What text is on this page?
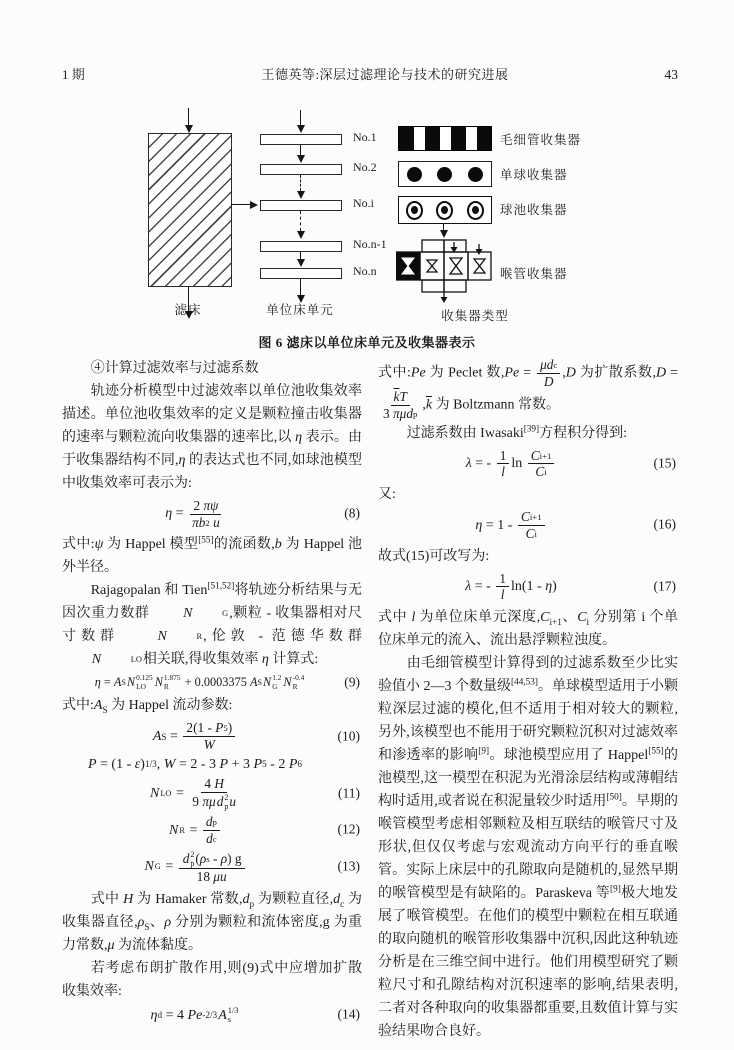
1 期	王德英等:深层过滤理论与技术的研究进展	43
滤床
No.1
No.2
No.i
No.n-1
No.n
单位床单元
毛细管收集器
单球收集器
球池收集器
喉管收集器
收集器类型
图 6 滤床以单位床单元及收集器表示
④计算过滤效率与过滤系数
轨迹分析模型中过滤效率以单位池收集效率描述。单位池收集效率的定义是颗粒撞击收集器的速率与颗粒流向收集器的速率比,以 η 表示。由于收集器结构不同,η 的表达式也不同,如球池模型中收集效率可表示为:
$\eta = \frac{2 \pi\psi}{\pi b 2 u}$	(8)
式中:ψ 为 Happel 模型[55]的流函数,b 为 Happel 池外半径。
Rajagopalan 和 Tien[51,52]将轨迹分析结果与无因次重力数群	N	G ,颗粒 - 收集器相对尺寸数群	N	R ,伦敦 - 范德华数群
N	LO 相关联,得收集效率 η 计算式:
η = A S N 0.125
LO N 1.875
R + 0.0003375 A S N 1.2
G N -0.4
R	(9)
式中$:A_S$ 为 Happel 流动参数:
A $S = \frac{2(1 - P 5 )}{W}$	(10)
P = (1 - ε ) 1/3 , W = 2 - 3 P + 3 P 5 - 2 P 6
N LO = 4 H
9 πμ d 2
p u	(11)
N $R = \frac{\text{d p}}{\text{d c}}$	(12)
N G = d 2
p ( ρ s - ρ ) g
18 μu	(13)
式中 H 为 Hamaker 常数$,d_p$ 为颗粒直径$,d_c$ 为收集器直径$,\rho_S$、ρ 分别为颗粒和流体密度,g 为重力常数,μ 为流体黏度。
若考虑布朗扩散作用,则(9)式中应增加扩散收集效率:
η d = 4 Pe -2/3 A 1/3
s	(14)
式中:Pe 为 Peclet 数$,Pe = \frac{\text{μd c}}{D} ,D$ 为扩散系数,D =
$\frac{\overline{k} T}{\text{3 πμ d p}} ,\overline{k}$ 为 Boltzmann 常数。
过滤系数由 Iwasaki[39]方程积分得到:
λ = - $\frac{1}{l}$ $\ln \frac{\text{C i+1}}{\text{C i}}$	(15)
又:
$\eta = 1 - \frac{\text{C i+1}}{\text{C i}}$	(16)
故式(15)可改写为:
λ = - $\frac{1}{l} \ln(1$ - η )	(17)
式中 l 为单位床单元深度$,C_{i+1}$、$C_i$ 分别第 i 个单位床单元的流入、流出悬浮颗粒浊度。
由毛细管模型计算得到的过滤系数至少比实验值小 2—3 个数量级[44,53]。单球模型适用于小颗粒深层过滤的模化,但不适用于相对较大的颗粒,另外,该模型也不能用于研究颗粒沉积对过滤效率和渗透率的影响[9]。球池模型应用了 Happel[55]的池模型,这一模型在积泥为光滑涂层结构或薄帽结构时适用,或者说在积泥量较少时适用[50]。早期的喉管模型考虑相邻颗粒及相互联结的喉管尺寸及形状,但仅仅考虑与宏观流动方向平行的垂直喉管。实际上床层中的孔隙取向是随机的,显然早期的喉管模型是有缺陷的。Paraskeva 等[9]极大地发展了喉管模型。在他们的模型中颗粒在相互联通的取向随机的喉管形收集器中沉积,因此这种轨迹分析是在三维空间中进行。他们用模型研究了颗粒尺寸和孔隙结构对沉积速率的影响,结果表明,二者对各种取向的收集器都重要,且数值计算与实验结果吻合良好。
